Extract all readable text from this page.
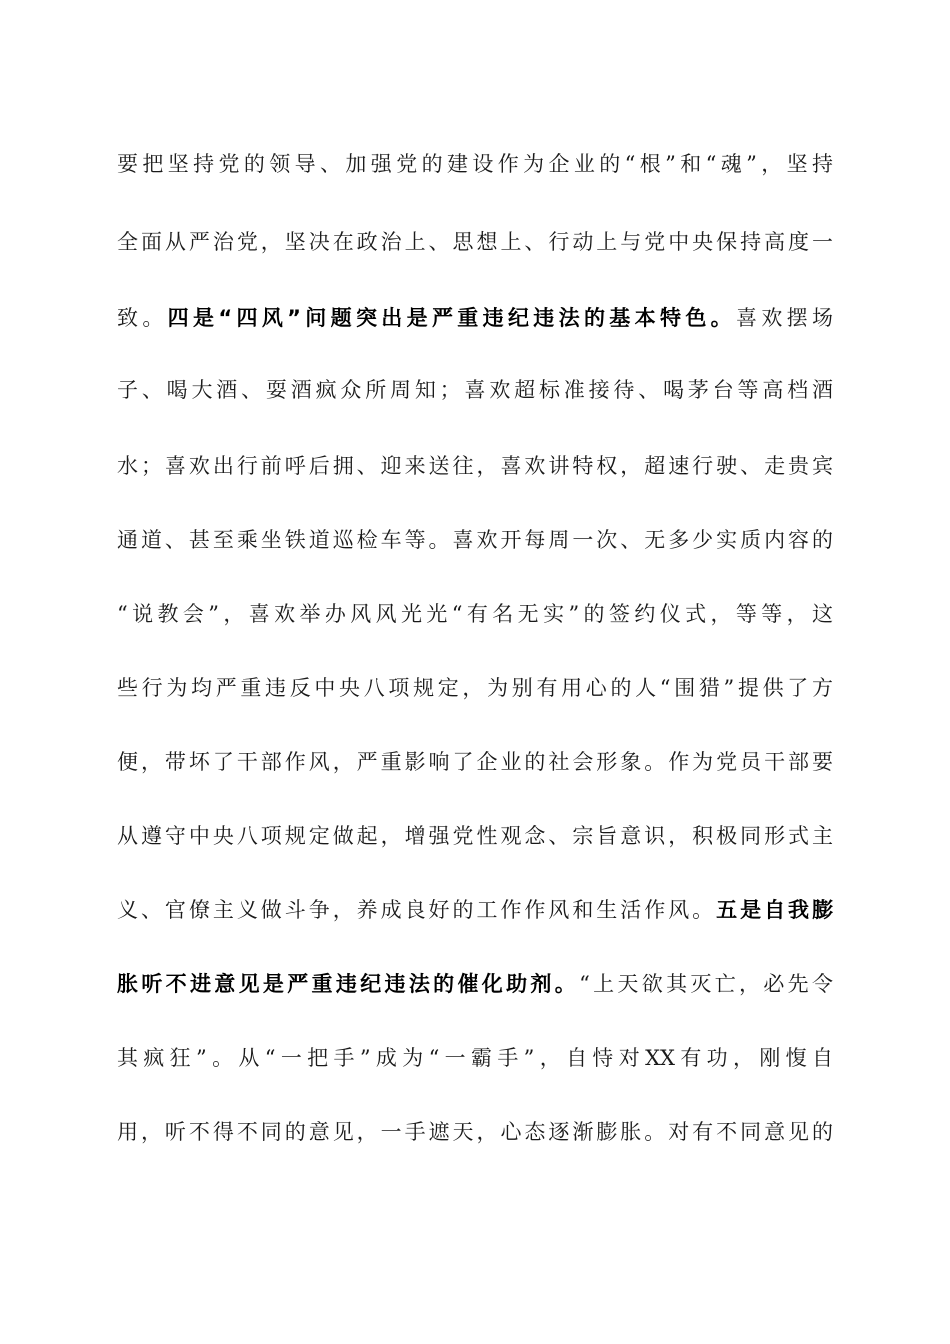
要把坚持党的领导、加强党的建设作为企业的“根”和“魂”，坚持
全面从严治党，坚决在政治上、思想上、行动上与党中央保持高度一
致。四是“四风”问题突出是严重违纪违法的基本特色。喜欢摆场
子、喝大酒、耍酒疯众所周知；喜欢超标准接待、喝茅台等高档酒
水；喜欢出行前呼后拥、迎来送往，喜欢讲特权，超速行驶、走贵宾
通道、甚至乘坐铁道巡检车等。喜欢开每周一次、无多少实质内容的
“说教会”，喜欢举办风风光光“有名无实”的签约仪式，等等，这
些行为均严重违反中央八项规定，为别有用心的人“围猎”提供了方
便，带坏了干部作风，严重影响了企业的社会形象。作为党员干部要
从遵守中央八项规定做起，增强党性观念、宗旨意识，积极同形式主
义、官僚主义做斗争，养成良好的工作作风和生活作风。五是自我膨
胀听不进意见是严重违纪违法的催化助剂。“上天欲其灭亡，必先令
其疯狂”。从“一把手”成为“一霸手”，自恃对XX有功，刚愎自
用，听不得不同的意见，一手遮天，心态逐渐膨胀。对有不同意见的
